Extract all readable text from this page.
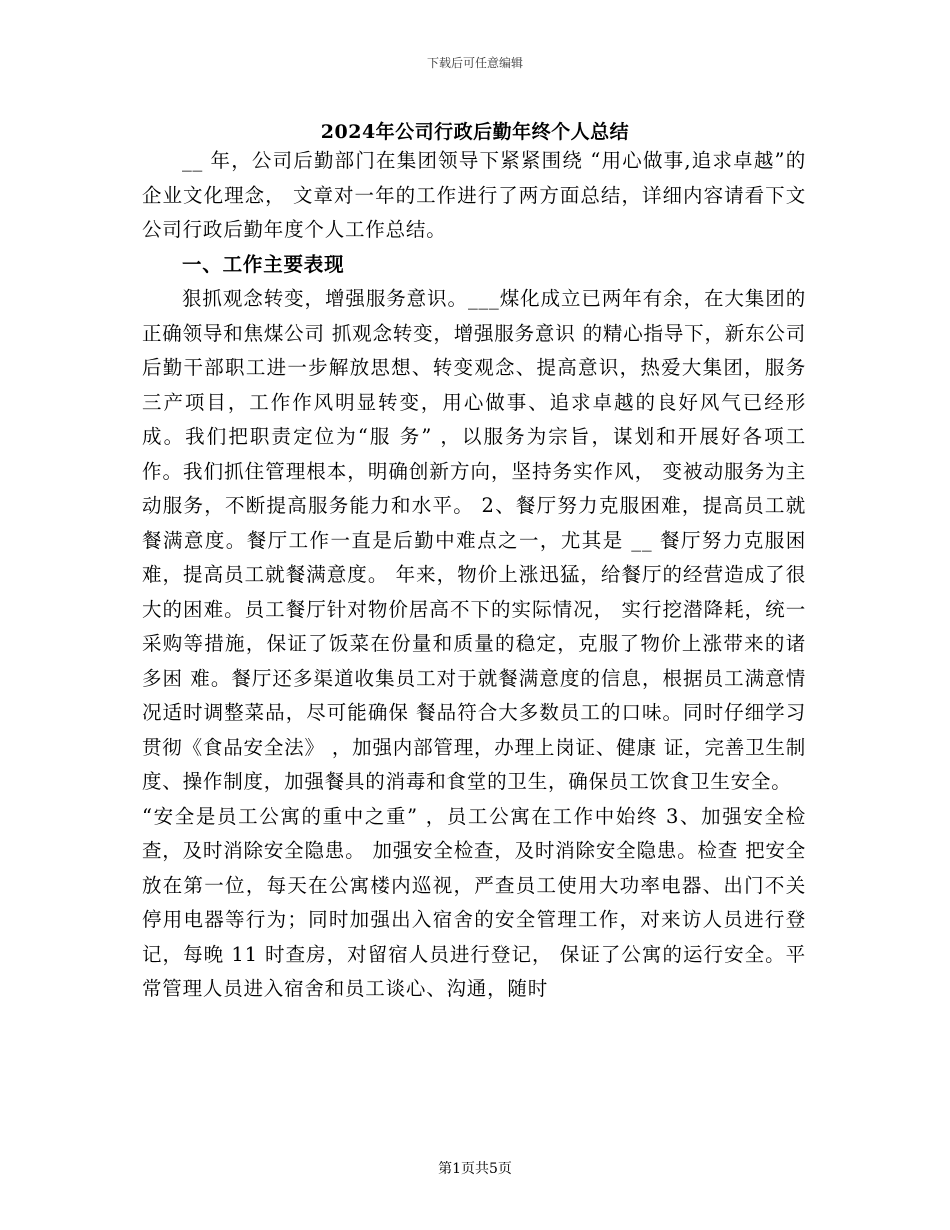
下载后可任意编辑
2024年公司行政后勤年终个人总结

__ 年，公司后勤部门在集团领导下紧紧围绕 “用心做事,追求卓越”的企业文化理念， 文章对一年的工作进行了两方面总结，详细内容请看下文公司行政后勤年度个人工作总结。

一、工作主要表现

狠抓观念转变，增强服务意识。___煤化成立已两年有余，在大集团的正确领导和焦煤公司 抓观念转变，增强服务意识 的精心指导下，新东公司后勤干部职工进一步解放思想、转变观念、提高意识，热爱大集团，服务 三产项目，工作作风明显转变，用心做事、追求卓越的良好风气已经形成。我们把职责定位为“服 务” ，以服务为宗旨，谋划和开展好各项工作。我们抓住管理根本，明确创新方向，坚持务实作风， 变被动服务为主动服务，不断提高服务能力和水平。 2、餐厅努力克服困难，提高员工就餐满意度。餐厅工作一直是后勤中难点之一，尤其是 __ 餐厅努力克服困难，提高员工就餐满意度。 年来，物价上涨迅猛，给餐厅的经营造成了很大的困难。员工餐厅针对物价居高不下的实际情况， 实行挖潜降耗，统一采购等措施，保证了饭菜在份量和质量的稳定，克服了物价上涨带来的诸多困 难。餐厅还多渠道收集员工对于就餐满意度的信息，根据员工满意情况适时调整菜品，尽可能确保 餐品符合大多数员工的口味。同时仔细学习贯彻《食品安全法》 ，加强内部管理，办理上岗证、健康 证，完善卫生制度、操作制度，加强餐具的消毒和食堂的卫生，确保员工饮食卫生安全。

“安全是员工公寓的重中之重” ，员工公寓在工作中始终 3、加强安全检查，及时消除安全隐患。 加强安全检查，及时消除安全隐患。检查 把安全放在第一位，每天在公寓楼内巡视，严查员工使用大功率电器、出门不关停用电器等行为；同时加强出入宿舍的安全管理工作，对来访人员进行登记，每晚 11 时查房，对留宿人员进行登记， 保证了公寓的运行安全。平常管理人员进入宿舍和员工谈心、沟通，随时

第1页共5页
